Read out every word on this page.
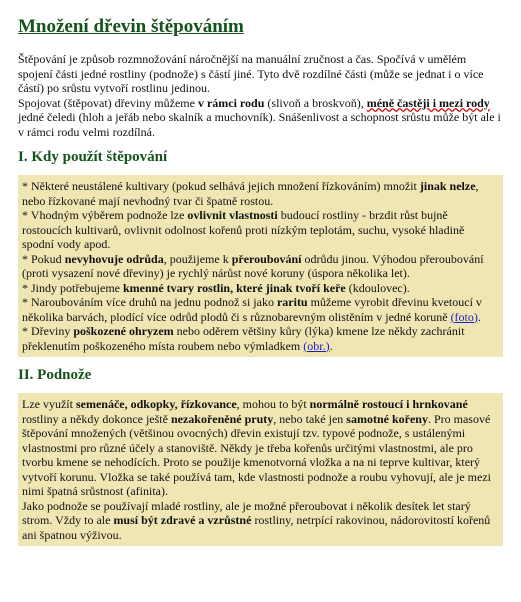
Množení dřevin štěpováním

Štěpování je způsob rozmnožování náročnější na manuální zručnost a čas. Spočívá v umělém spojení části jedné rostliny (podnože) s částí jiné. Tyto dvě rozdílné části (může se jednat i o více částí) po srůstu vytvoří rostlinu jedinou.

Spojovat (štěpovat) dřeviny můžeme v rámci rodu (slivoň a broskvoň), méně častěji i mezi rody jedné čeledi (hloh a jeřáb nebo skalník a muchovník). Snášenlivost a schopnost srůstu může být ale i v rámci rodu velmi rozdílná.

I. Kdy použít štěpování

* Některé neustálené kultivary (pokud selhává jejich množení řízkováním) množit jinak nelze, nebo řízkované mají nevhodný tvar či špatně rostou.

* Vhodným výběrem podnože lze ovlivnit vlastnosti budoucí rostliny - brzdit růst bujně rostoucích kultivarů, ovlivnit odolnost kořenů proti nízkým teplotám, suchu, vysoké hladině spodní vody apod.

* Pokud nevyhovuje odrůda, použijeme k přeroubování odrůdu jinou. Výhodou přeroubování (proti vysazení nové dřeviny) je rychlý nárůst nové koruny (úspora několika let).

* Jindy potřebujeme kmenné tvary rostlin, které jinak tvoří keře (kdoulovec).

* Naroubováním více druhů na jednu podnož si jako raritu můžeme vyrobit dřevinu kvetoucí v několika barvách, plodící více odrůd plodů či s různobarevným olistěním v jedné koruně (foto).

* Dřeviny poškozené ohryzem nebo oděrem většiny kůry (lýka) kmene lze někdy zachránit překlenutím poškozeného místa roubem nebo výmladkem (obr.).

II. Podnože

Lze využít semenáče, odkopky, řízkovance, mohou to být normálně rostoucí i hrnkované rostliny a někdy dokonce ještě nezakořeněné pruty, nebo také jen samotné kořeny. Pro masové štěpování množených (většinou ovocných) dřevin existují tzv. typové podnože, s ustálenými vlastnostmi pro různé účely a stanoviště. Někdy je třeba kořenůs určitými vlastnostmi, ale pro tvorbu kmene se nehodících. Proto se použije kmenotvorná vložka a na ni teprve kultivar, který vytvoří korunu. Vložka se také používá tam, kde vlastnosti podnože a roubu vyhovují, ale je mezi nimi špatná srůstnost (afinita).

Jako podnože se používají mladé rostliny, ale je možné přeroubovat i několik desítek let starý strom. Vždy to ale musí být zdravé a vzrůstné rostliny, netrpící rakovinou, nádorovitostí kořenů ani špatnou výživou.
